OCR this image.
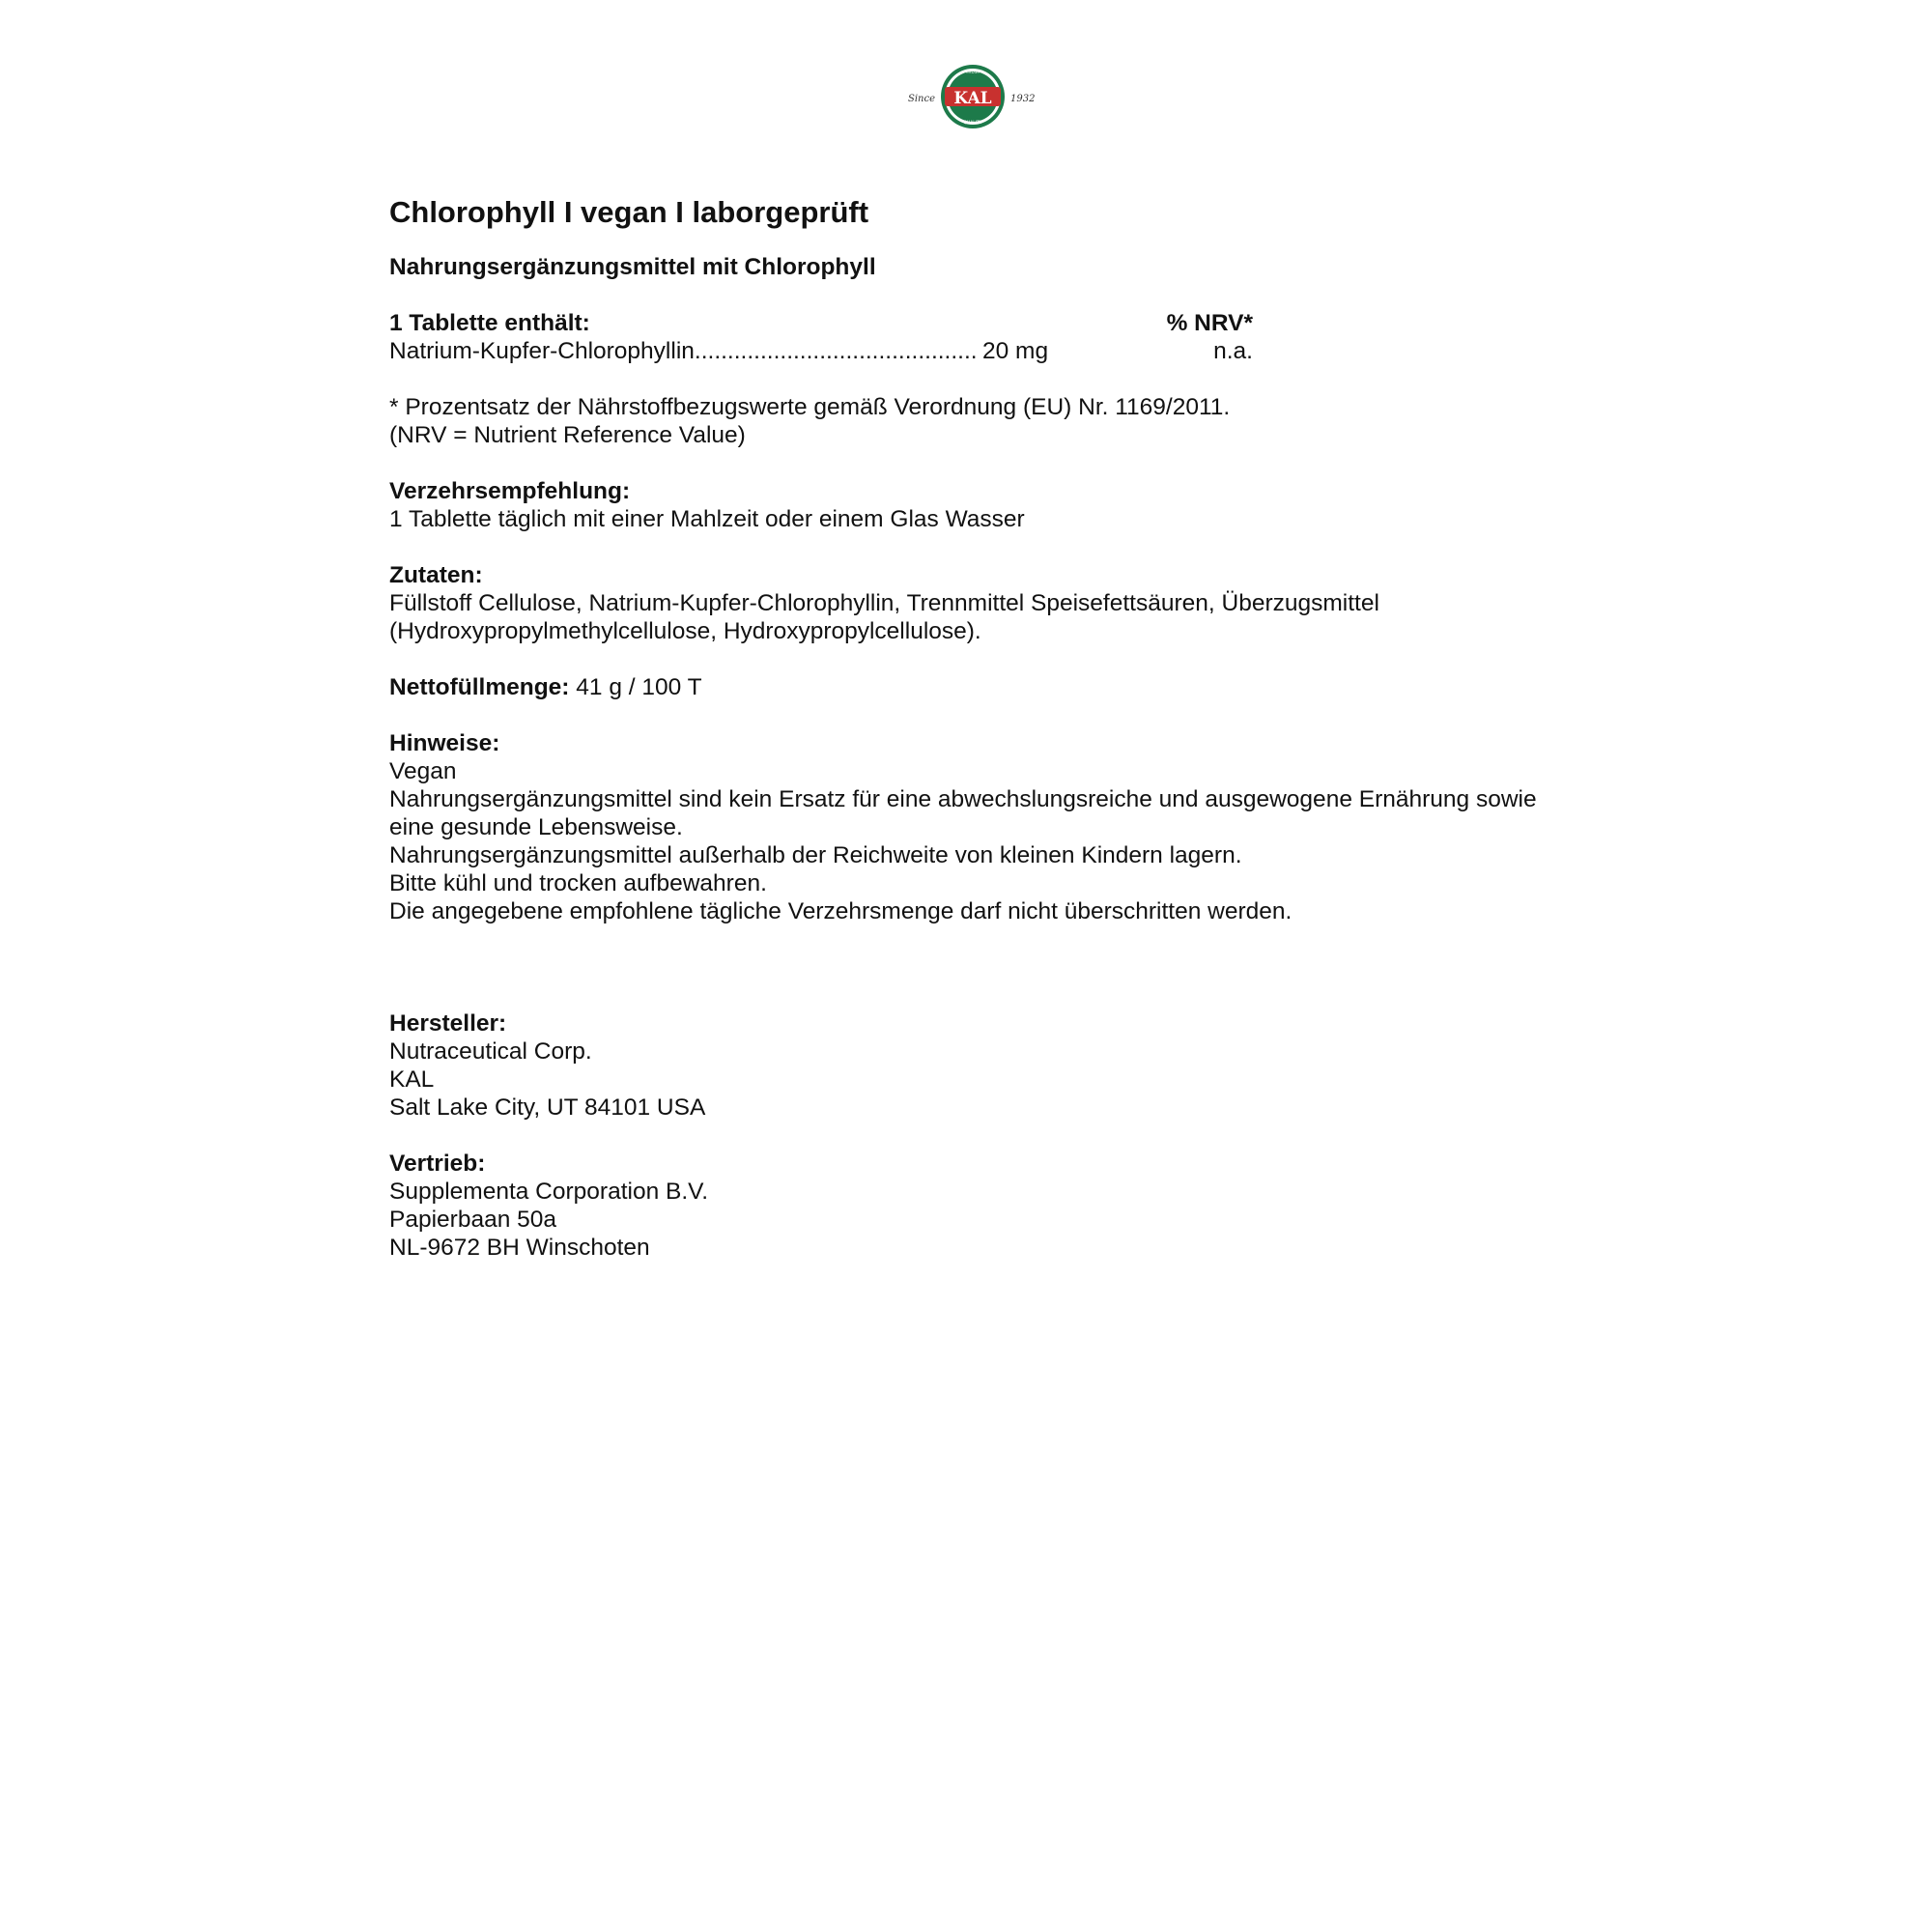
Since	1932
TRUST
QUALITY
KAL
Chlorophyll I vegan I laborgeprüft
Nahrungsergänzungsmittel mit Chlorophyll
1 Tablette enthält:	% NRV*
Natrium-Kupfer-Chlorophyllin........................................... 20 mg	n.a.
* Prozentsatz der Nährstoffbezugswerte gemäß Verordnung (EU) Nr. 1169/2011.
(NRV = Nutrient Reference Value)
Verzehrsempfehlung:
1 Tablette täglich mit einer Mahlzeit oder einem Glas Wasser
Zutaten:
Füllstoff Cellulose, Natrium-Kupfer-Chlorophyllin, Trennmittel Speisefettsäuren, Überzugsmittel
(Hydroxypropylmethylcellulose, Hydroxypropylcellulose).
Nettofüllmenge: 41 g / 100 T
Hinweise:
Vegan
Nahrungsergänzungsmittel sind kein Ersatz für eine abwechslungsreiche und ausgewogene Ernährung sowie
eine gesunde Lebensweise.
Nahrungsergänzungsmittel außerhalb der Reichweite von kleinen Kindern lagern.
Bitte kühl und trocken aufbewahren.
Die angegebene empfohlene tägliche Verzehrsmenge darf nicht überschritten werden.
Hersteller:
Nutraceutical Corp.
KAL
Salt Lake City, UT 84101 USA
Vertrieb:
Supplementa Corporation B.V.
Papierbaan 50a
NL-9672 BH Winschoten
